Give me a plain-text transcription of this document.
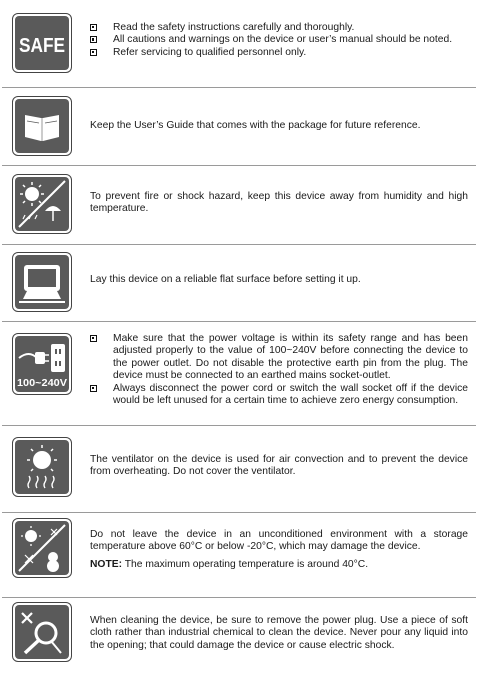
SAFE
Read the safety instructions carefully and thoroughly.
All cautions and warnings on the device or user’s manual should be noted.
Refer servicing to qualified personnel only.

Keep the User’s Guide that comes with the package for future reference.

To prevent fire or shock hazard, keep this device away from humidity and high temperature.

Lay this device on a reliable flat surface before setting it up.

100~240V
Make sure that the power voltage is within its safety range and has been adjusted properly to the value of 100~240V before connecting the device to the power outlet. Do not disable the protective earth pin from the plug. The device must be connected to an earthed mains socket-outlet.
Always disconnect the power cord or switch the wall socket off if the device would be left unused for a certain time to achieve zero energy consumption.

The ventilator on the device is used for air convection and to prevent the device from overheating. Do not cover the ventilator.

Do not leave the device in an unconditioned environment with a storage temperature above 60°C or below -20°C, which may damage the device.

NOTE: The maximum operating temperature is around 40°C.

When cleaning the device, be sure to remove the power plug. Use a piece of soft cloth rather than industrial chemical to clean the device. Never pour any liquid into the opening; that could damage the device or cause electric shock.
